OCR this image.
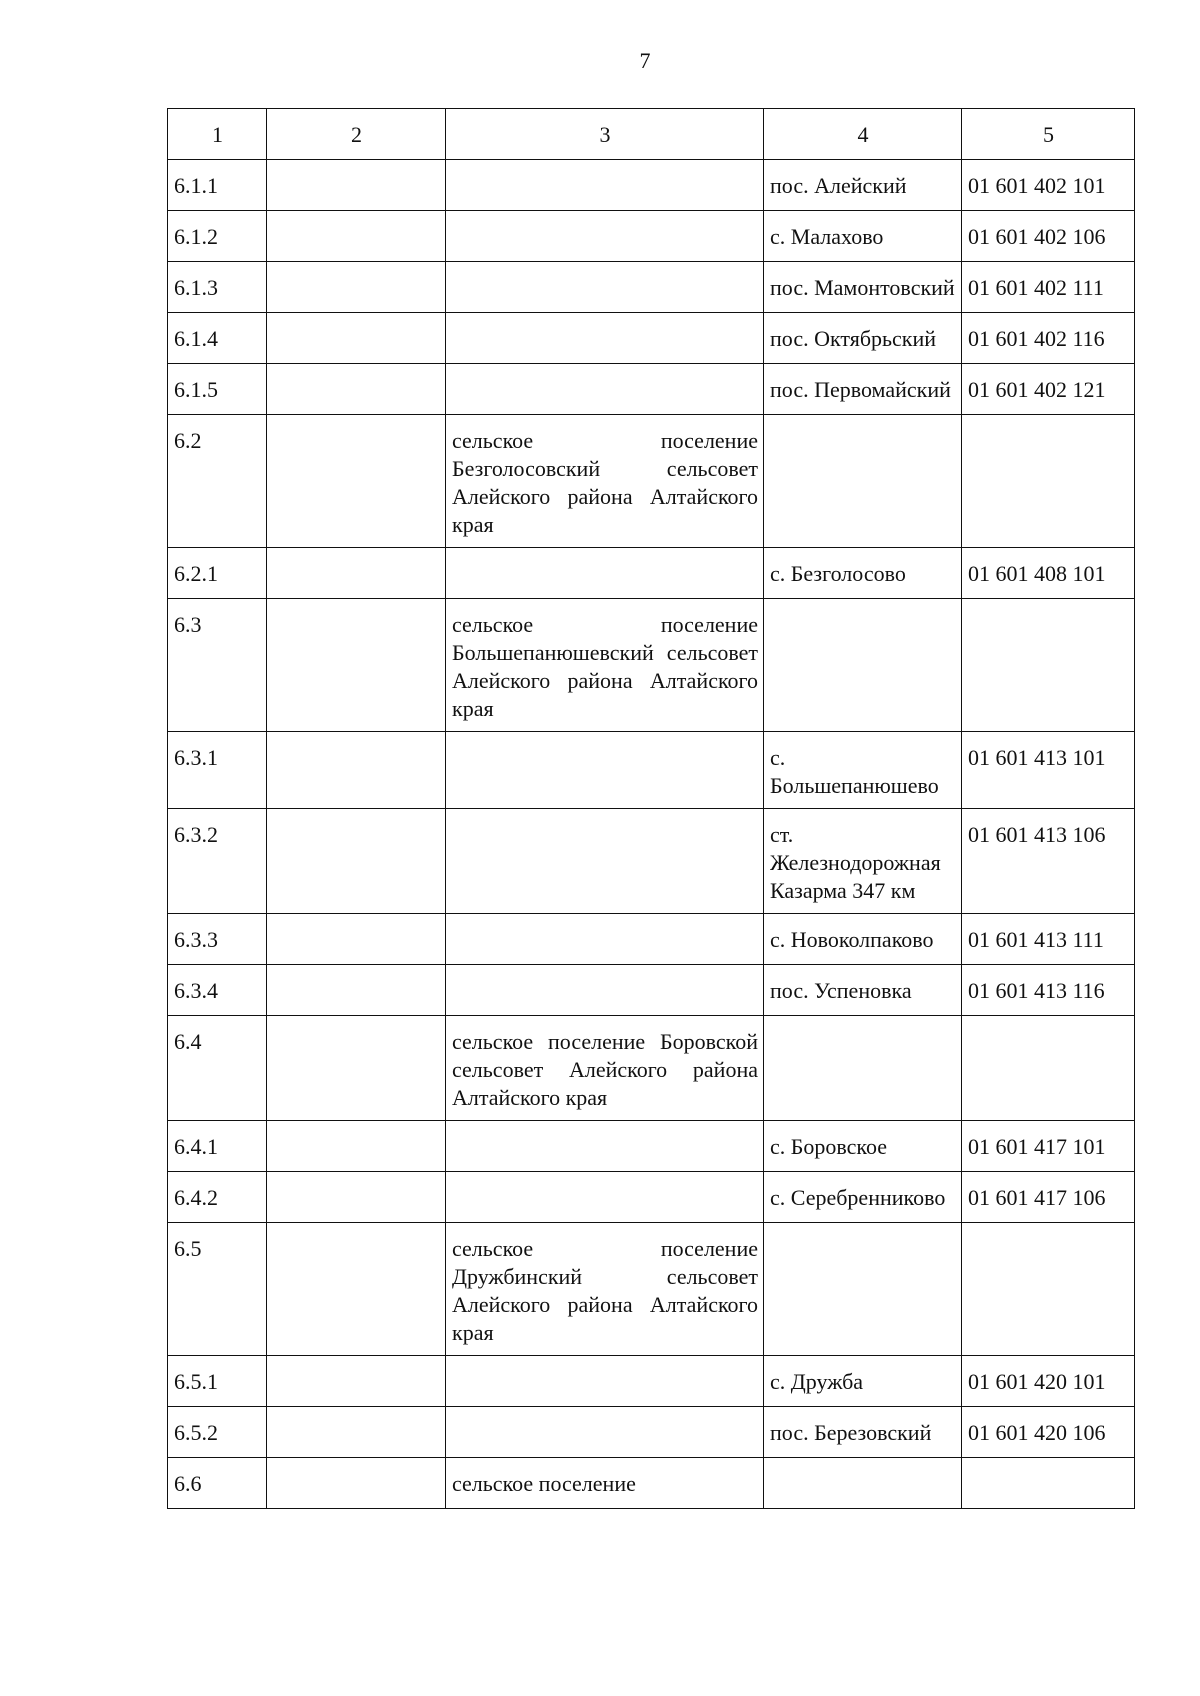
7
1	2	3	4	5
6.1.1			пос. Алейский	01 601 402 101
6.1.2			с. Малахово	01 601 402 106
6.1.3			пос. Мамонтовский	01 601 402 111
6.1.4			пос. Октябрьский	01 601 402 116
6.1.5			пос. Первомайский	01 601 402 121
6.2		сельское поселение Безголосовский сельсовет Алейского района Алтайского края		
6.2.1			с. Безголосово	01 601 408 101
6.3		сельское поселение Большепанюшевский сельсовет Алейского района Алтайского края		
6.3.1			с. Большепанюшево	01 601 413 101
6.3.2			ст. Железнодорожная Казарма 347 км	01 601 413 106
6.3.3			с. Новоколпаково	01 601 413 111
6.3.4			пос. Успеновка	01 601 413 116
6.4		сельское поселение Боровской сельсовет Алейского района Алтайского края		
6.4.1			с. Боровское	01 601 417 101
6.4.2			с. Серебренниково	01 601 417 106
6.5		сельское поселение Дружбинский сельсовет Алейского района Алтайского края		
6.5.1			с. Дружба	01 601 420 101
6.5.2			пос. Березовский	01 601 420 106
6.6		сельское поселение		
